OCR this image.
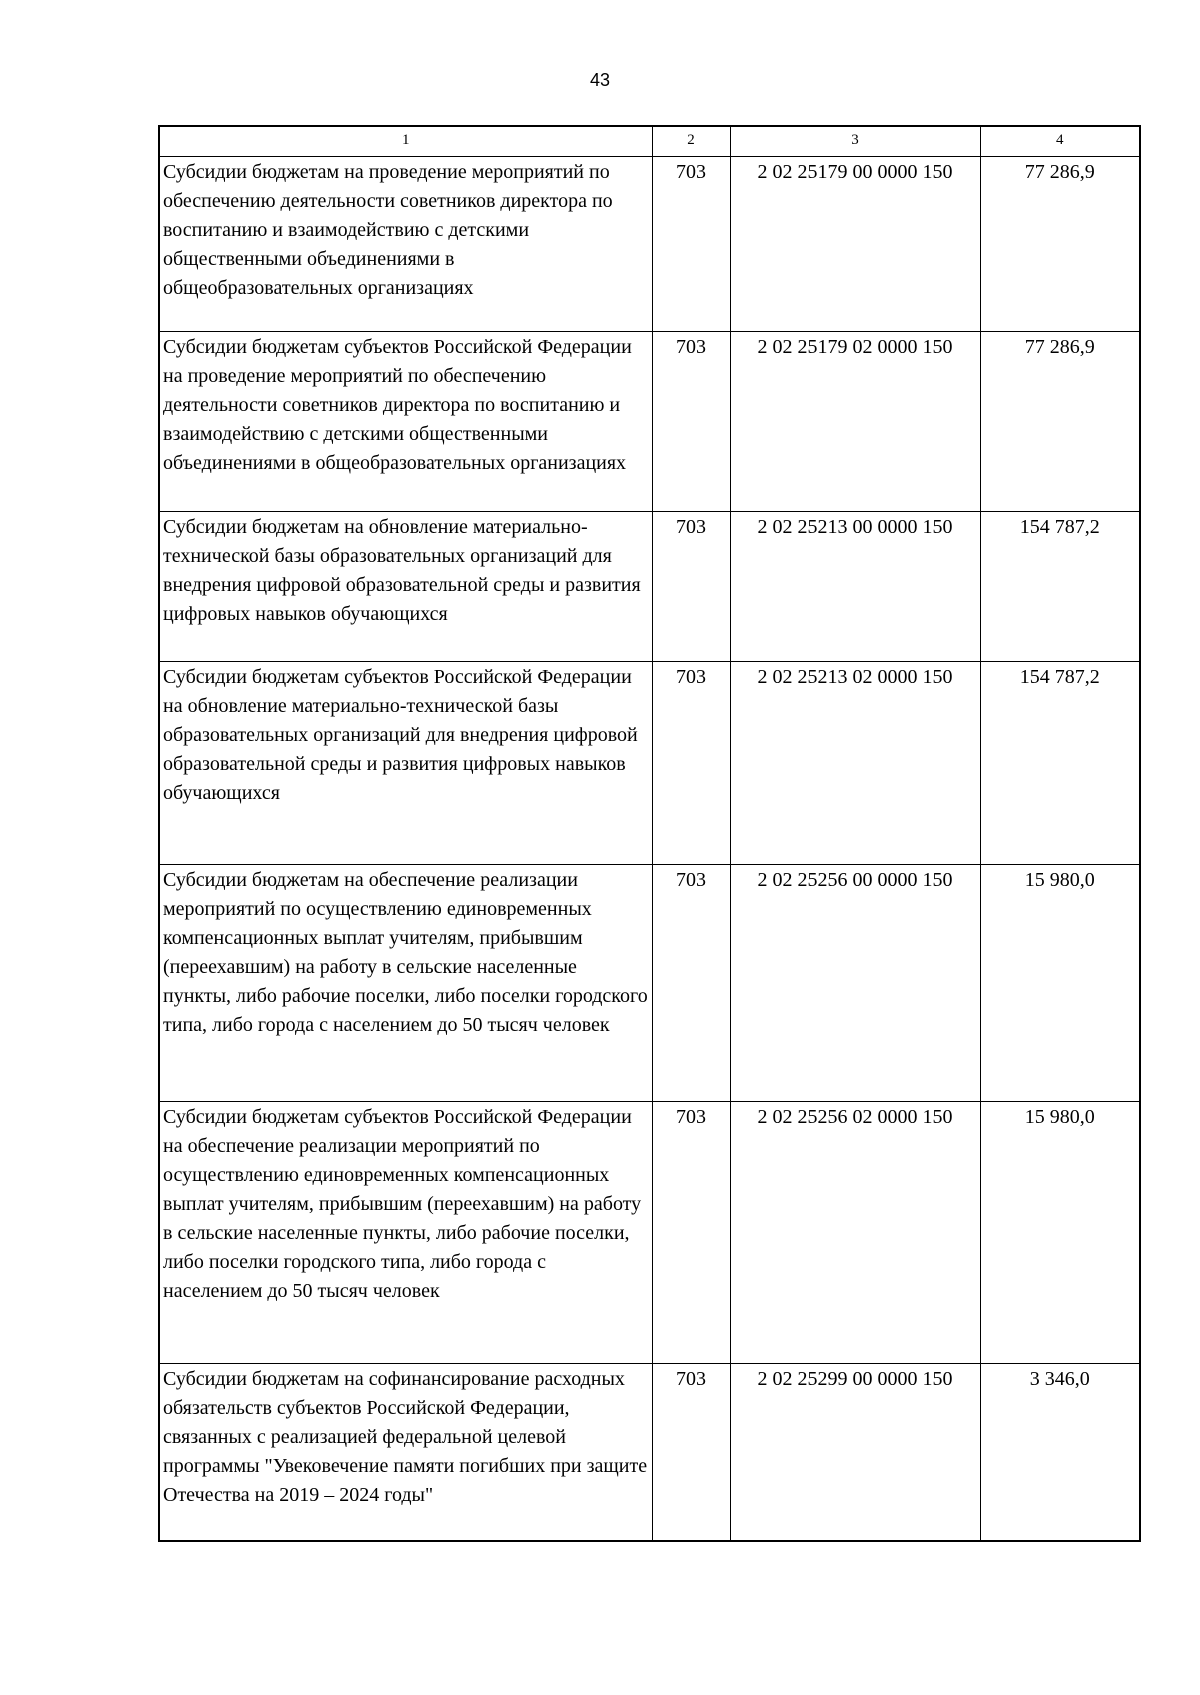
43
1	2	3	4
Субсидии бюджетам на проведение мероприятий по обеспечению деятельности советников директора по воспитанию и взаимодействию с детскими общественными объединениями в общеобразовательных организациях	703	2 02 25179 00 0000 150	77 286,9
Субсидии бюджетам субъектов Российской Федерации на проведение мероприятий по обеспечению деятельности советников директора по воспитанию и взаимодействию с детскими общественными объединениями в общеобразовательных организациях	703	2 02 25179 02 0000 150	77 286,9
Субсидии бюджетам на обновление материально-технической базы образовательных организаций для внедрения цифровой образовательной среды и развития цифровых навыков обучающихся	703	2 02 25213 00 0000 150	154 787,2
Субсидии бюджетам субъектов Российской Федерации на обновление материально-технической базы образовательных организаций для внедрения цифровой образовательной среды и развития цифровых навыков обучающихся	703	2 02 25213 02 0000 150	154 787,2
Субсидии бюджетам на обеспечение реализации мероприятий по осуществлению единовременных компенсационных выплат учителям, прибывшим (переехавшим) на работу в сельские населенные пункты, либо рабочие поселки, либо поселки городского типа, либо города с населением до 50 тысяч человек	703	2 02 25256 00 0000 150	15 980,0
Субсидии бюджетам субъектов Российской Федерации на обеспечение реализации мероприятий по осуществлению единовременных компенсационных выплат учителям, прибывшим (переехавшим) на работу в сельские населенные пункты, либо рабочие поселки, либо поселки городского типа, либо города с населением до 50 тысяч человек	703	2 02 25256 02 0000 150	15 980,0
Субсидии бюджетам на софинансирование расходных обязательств субъектов Российской Федерации, связанных с реализацией федеральной целевой программы "Увековечение памяти погибших при защите Отечества на 2019 – 2024 годы"	703	2 02 25299 00 0000 150	3 346,0
